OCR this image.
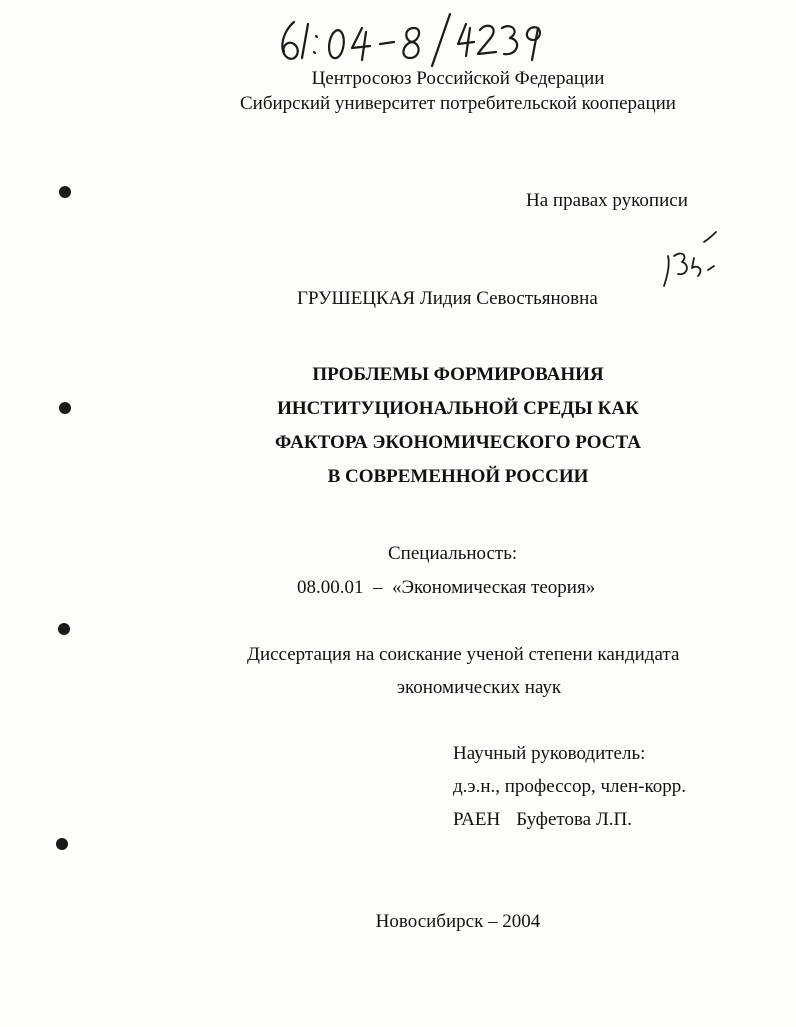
Центросоюз Российской Федерации
Сибирский университет потребительской кооперации
На правах рукописи
ГРУШЕЦКАЯ Лидия Севостьяновна
ПРОБЛЕМЫ ФОРМИРОВАНИЯ
ИНСТИТУЦИОНАЛЬНОЙ СРЕДЫ КАК
ФАКТОРА ЭКОНОМИЧЕСКОГО РОСТА
В СОВРЕМЕННОЙ РОССИИ
Специальность:
08.00.01  –  «Экономическая теория»
Диссертация на соискание ученой степени кандидата
экономических наук
Научный руководитель:
д.э.н., профессор, член-корр.
РАЕН Буфетова Л.П.
Новосибирск – 2004
